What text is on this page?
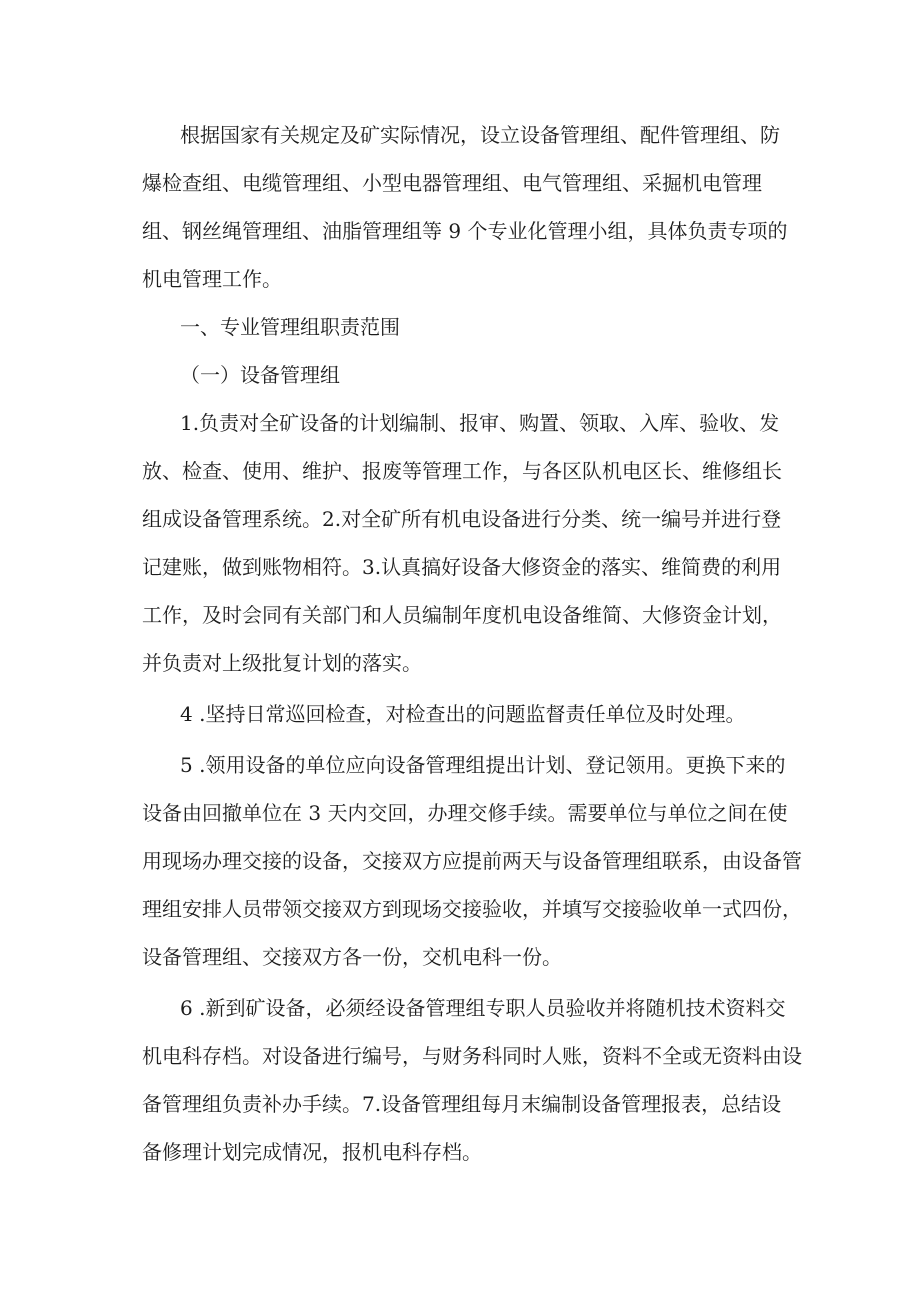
根据国家有关规定及矿实际情况，设立设备管理组、配件管理组、防
爆检查组、电缆管理组、小型电器管理组、电气管理组、采掘机电管理
组、钢丝绳管理组、油脂管理组等 9 个专业化管理小组，具体负责专项的
机电管理工作。
一、专业管理组职责范围
（一）设备管理组
1.负责对全矿设备的计划编制、报审、购置、领取、入库、验收、发
放、检查、使用、维护、报废等管理工作，与各区队机电区长、维修组长
组成设备管理系统。2.对全矿所有机电设备进行分类、统一编号并进行登
记建账，做到账物相符。3.认真搞好设备大修资金的落实、维简费的利用
工作，及时会同有关部门和人员编制年度机电设备维简、大修资金计划，
并负责对上级批复计划的落实。
4 .坚持日常巡回检查，对检查出的问题监督责任单位及时处理。
5 .领用设备的单位应向设备管理组提出计划、登记领用。更换下来的
设备由回撤单位在 3 天内交回，办理交修手续。需要单位与单位之间在使
用现场办理交接的设备，交接双方应提前两天与设备管理组联系，由设备管
理组安排人员带领交接双方到现场交接验收，并填写交接验收单一式四份，
设备管理组、交接双方各一份，交机电科一份。
6 .新到矿设备，必须经设备管理组专职人员验收并将随机技术资料交
机电科存档。对设备进行编号，与财务科同时人账，资料不全或无资料由设
备管理组负责补办手续。7.设备管理组每月末编制设备管理报表，总结设
备修理计划完成情况，报机电科存档。
